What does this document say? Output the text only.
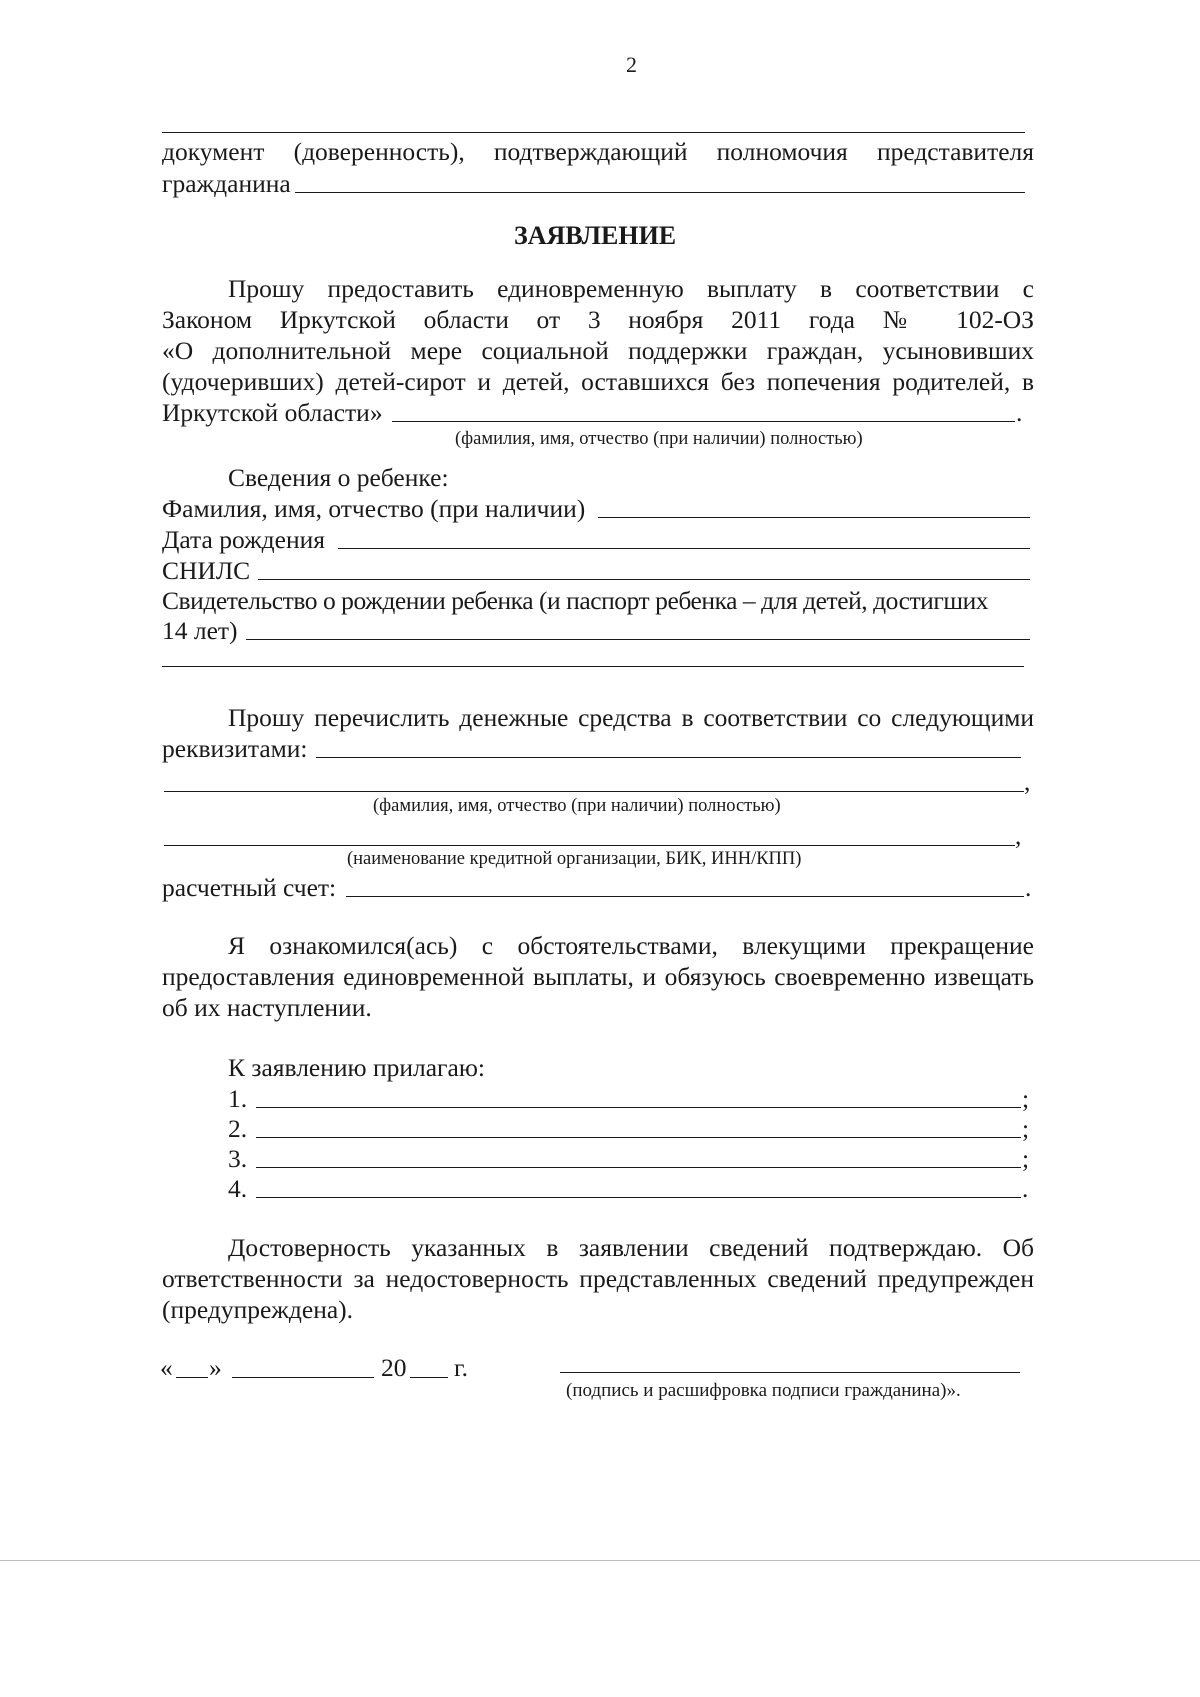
2
документ (доверенность), подтверждающий полномочия представителя
гражданина
ЗАЯВЛЕНИЕ
Прошу предоставить единовременную выплату в соответствии с
Законом Иркутской области от 3 ноября 2011 года № 102-ОЗ
«О дополнительной мере социальной поддержки граждан, усыновивших
(удочеривших) детей-сирот и детей, оставшихся без попечения родителей, в
Иркутской области»	.
(фамилия, имя, отчество (при наличии) полностью)
Сведения о ребенке:
Фамилия, имя, отчество (при наличии)
Дата рождения
СНИЛС
Свидетельство о рождении ребенка (и паспорт ребенка – для детей, достигших
14 лет)
Прошу перечислить денежные средства в соответствии со следующими
реквизитами:
,
(фамилия, имя, отчество (при наличии) полностью)
,
(наименование кредитной организации, БИК, ИНН/КПП)
расчетный счет:	.
Я ознакомился(ась) с обстоятельствами, влекущими прекращение
предоставления единовременной выплаты, и обязуюсь своевременно извещать
об их наступлении.
К заявлению прилагаю:
1.	;
2.	;
3.	;
4.	.
Достоверность указанных в заявлении сведений подтверждаю. Об
ответственности за недостоверность представленных сведений предупрежден
(предупреждена).
« »	20 г.
(подпись и расшифровка подписи гражданина)».
